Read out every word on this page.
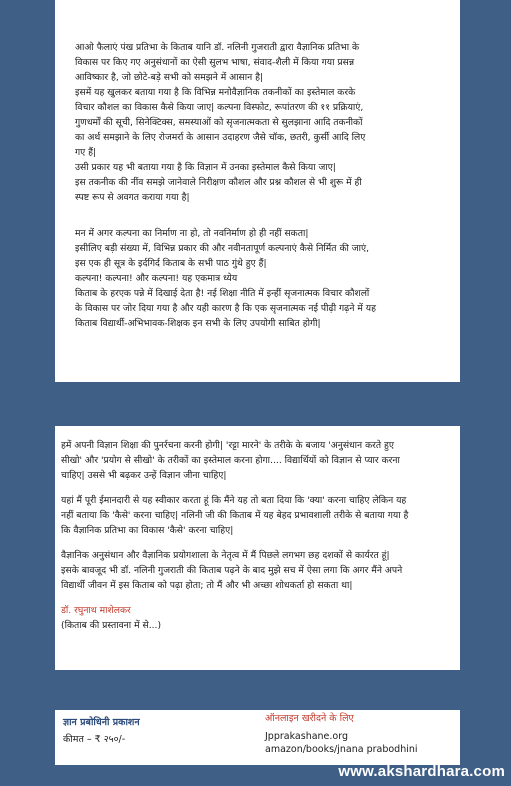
आओ फैलाएं पंख प्रतिभा के किताब यानि डॉ. नलिनी गुजराती द्वारा वैज्ञानिक प्रतिभा के

विकास पर किए गए अनुसंधानों का ऐसी सुलभ भाषा, संवाद-शैली में किया गया प्रसन्न

आविष्कार है, जो छोटे-बड़े सभी को समझने में आसान है|

इसमें यह खुलकर बताया गया है कि विभिन्न मनोवैज्ञानिक तकनीकों का इस्तेमाल करके

विचार कौशल का विकास कैसे किया जाए| कल्पना विस्फोट, रूपांतरण की ११ प्रक्रियाएं,

गुणधर्मों की सूची, सिनेक्टिक्स, समस्याओं को सृजनात्मकता से सुलझाना आदि तकनीकों

का अर्थ समझाने के लिए रोजमर्रा के आसान उदाहरण जैसे चॉक, छतरी, कुर्सी आदि लिए

गए हैं|

उसी प्रकार यह भी बताया गया है कि विज्ञान में उनका इस्तेमाल कैसे किया जाए|

इस तकनीक की नींव समझे जानेवाले निरीक्षण कौशल और प्रश्न कौशल से भी शुरू में ही

स्पष्ट रूप से अवगत कराया गया है|

मन में अगर कल्पना का निर्माण ना हो, तो नवनिर्माण हो ही नहीं सकता|

इसीलिए बड़ी संख्या में, विभिन्न प्रकार की और नवीनतापूर्ण कल्पनाएं कैसे निर्मित की जाएं,

इस एक ही सूत्र के इर्दगिर्द किताब के सभी पाठ गुंथे हुए हैं|

कल्पना! कल्पना! और कल्पना! यह एकमात्र ध्येय

किताब के हरएक पन्ने में दिखाई देता है! नई शिक्षा नीति में इन्हीं सृजनात्मक विचार कौशलों

के विकास पर जोर दिया गया है और यही कारण है कि एक सृजनात्मक नई पीढ़ी गढ़ने में यह

किताब विद्यार्थी-अभिभावक-शिक्षक इन सभी के लिए उपयोगी साबित होगी|

हमें अपनी विज्ञान शिक्षा की पुनर्रचना करनी होगी| 'रट्टा मारने' के तरीके के बजाय 'अनुसंधान करते हुए
सीखो' और 'प्रयोग से सीखो' के तरीकों का इस्तेमाल करना होगा.... विद्यार्थियों को विज्ञान से प्यार करना
चाहिए| उससे भी बढ़कर उन्हें विज्ञान जीना चाहिए|

यहां मैं पूरी ईमानदारी से यह स्वीकार करता हूं कि मैंने यह तो बता दिया कि 'क्या' करना चाहिए लेकिन यह
नहीं बताया कि 'कैसे' करना चाहिए| नलिनी जी की किताब में यह बेहद प्रभावशाली तरीके से बताया गया है
कि वैज्ञानिक प्रतिभा का विकास 'कैसे' करना चाहिए|

वैज्ञानिक अनुसंधान और वैज्ञानिक प्रयोगशाला के नेतृत्व में मैं पिछले लगभग छह दशकों से कार्यरत हूं|
इसके बावजूद भी डॉ. नलिनी गुजराती की किताब पढ़ने के बाद मुझे सच में ऐसा लगा कि अगर मैंने अपने
विद्यार्थी जीवन में इस किताब को पढ़ा होता; तो मैं और भी अच्छा शोधकर्ता हो सकता था|

डॉ. रघुनाथ माशेलकर

(किताब की प्रस्तावना में से...)

ज्ञान प्रबोधिनी प्रकाशन
कीमत – ₹ २५०/-
ऑनलाइन खरीदने के लिए
Jpprakashane.org
amazon/books/jnana prabodhini
www.akshardhara.com
